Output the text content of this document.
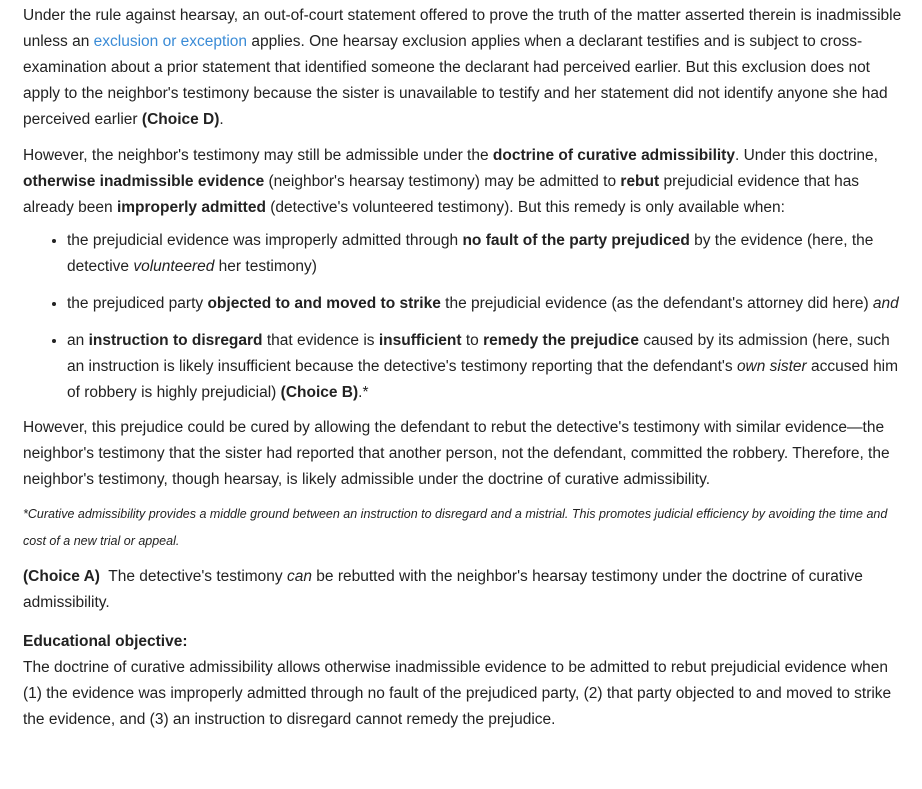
Under the rule against hearsay, an out-of-court statement offered to prove the truth of the matter asserted therein is inadmissible unless an exclusion or exception applies. One hearsay exclusion applies when a declarant testifies and is subject to cross-examination about a prior statement that identified someone the declarant had perceived earlier. But this exclusion does not apply to the neighbor's testimony because the sister is unavailable to testify and her statement did not identify anyone she had perceived earlier (Choice D).

However, the neighbor's testimony may still be admissible under the doctrine of curative admissibility. Under this doctrine, otherwise inadmissible evidence (neighbor's hearsay testimony) may be admitted to rebut prejudicial evidence that has already been improperly admitted (detective's volunteered testimony). But this remedy is only available when:

• the prejudicial evidence was improperly admitted through no fault of the party prejudiced by the evidence (here, the detective volunteered her testimony)
• the prejudiced party objected to and moved to strike the prejudicial evidence (as the defendant's attorney did here) and
• an instruction to disregard that evidence is insufficient to remedy the prejudice caused by its admission (here, such an instruction is likely insufficient because the detective's testimony reporting that the defendant's own sister accused him of robbery is highly prejudicial) (Choice B).*

However, this prejudice could be cured by allowing the defendant to rebut the detective's testimony with similar evidence—the neighbor's testimony that the sister had reported that another person, not the defendant, committed the robbery. Therefore, the neighbor's testimony, though hearsay, is likely admissible under the doctrine of curative admissibility.

*Curative admissibility provides a middle ground between an instruction to disregard and a mistrial. This promotes judicial efficiency by avoiding the time and cost of a new trial or appeal.

(Choice A)  The detective's testimony can be rebutted with the neighbor's hearsay testimony under the doctrine of curative admissibility.

Educational objective:

The doctrine of curative admissibility allows otherwise inadmissible evidence to be admitted to rebut prejudicial evidence when (1) the evidence was improperly admitted through no fault of the prejudiced party, (2) that party objected to and moved to strike the evidence, and (3) an instruction to disregard cannot remedy the prejudice.
